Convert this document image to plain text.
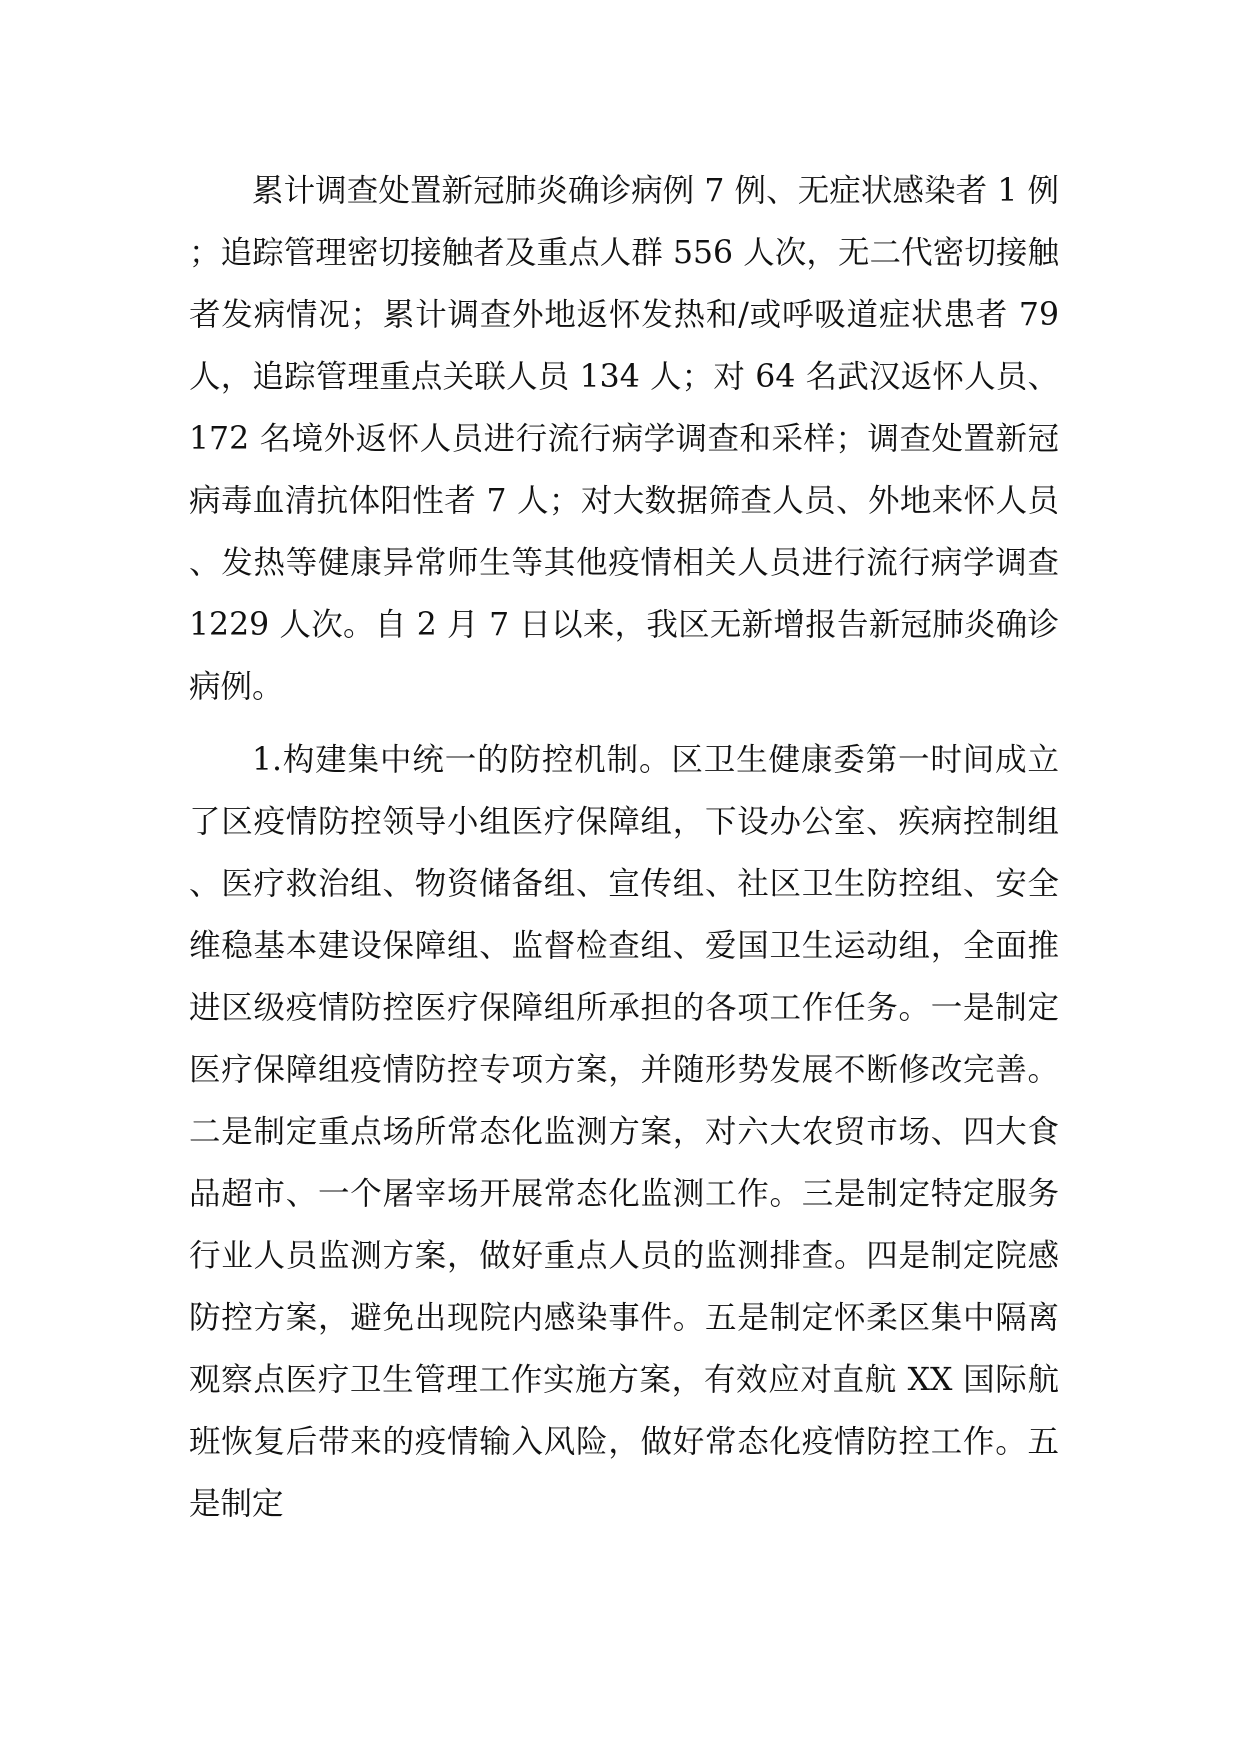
累计调查处置新冠肺炎确诊病例 7 例、无症状感染者 1 例；追踪管理密切接触者及重点人群 556 人次，无二代密切接触者发病情况；累计调查外地返怀发热和/或呼吸道症状患者 79 人，追踪管理重点关联人员 134 人；对 64 名武汉返怀人员、172 名境外返怀人员进行流行病学调查和采样；调查处置新冠病毒血清抗体阳性者 7 人；对大数据筛查人员、外地来怀人员、发热等健康异常师生等其他疫情相关人员进行流行病学调查 1229 人次。自 2 月 7 日以来，我区无新增报告新冠肺炎确诊病例。

1.构建集中统一的防控机制。区卫生健康委第一时间成立了区疫情防控领导小组医疗保障组，下设办公室、疾病控制组、医疗救治组、物资储备组、宣传组、社区卫生防控组、安全维稳基本建设保障组、监督检查组、爱国卫生运动组，全面推进区级疫情防控医疗保障组所承担的各项工作任务。一是制定医疗保障组疫情防控专项方案，并随形势发展不断修改完善。二是制定重点场所常态化监测方案，对六大农贸市场、四大食品超市、一个屠宰场开展常态化监测工作。三是制定特定服务行业人员监测方案，做好重点人员的监测排查。四是制定院感防控方案，避免出现院内感染事件。五是制定怀柔区集中隔离观察点医疗卫生管理工作实施方案，有效应对直航 XX 国际航班恢复后带来的疫情输入风险，做好常态化疫情防控工作。五是制定
